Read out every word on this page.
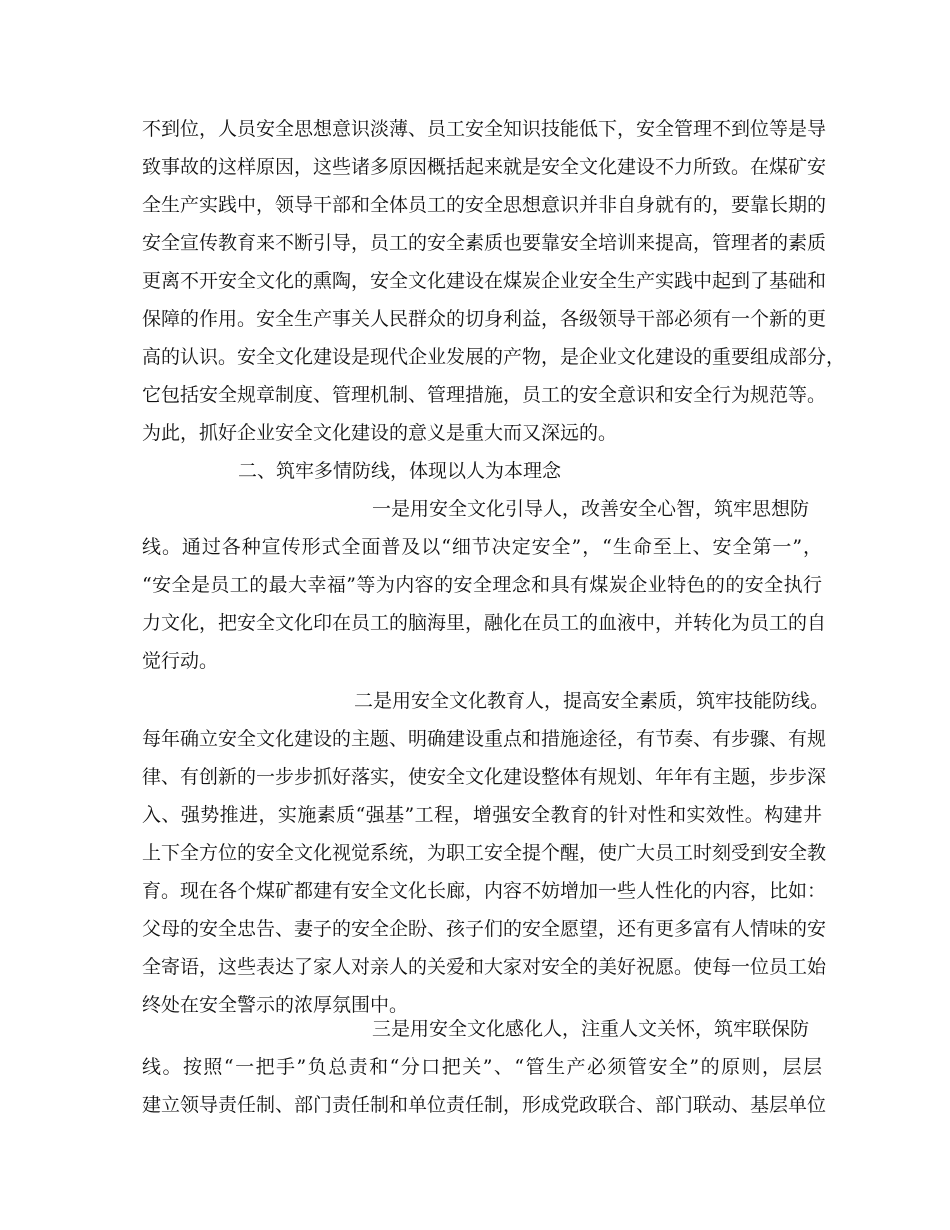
不到位，人员安全思想意识淡薄、员工安全知识技能低下，安全管理不到位等是导
致事故的这样原因，这些诸多原因概括起来就是安全文化建设不力所致。在煤矿安
全生产实践中，领导干部和全体员工的安全思想意识并非自身就有的，要靠长期的
安全宣传教育来不断引导，员工的安全素质也要靠安全培训来提高，管理者的素质
更离不开安全文化的熏陶，安全文化建设在煤炭企业安全生产实践中起到了基础和
保障的作用。安全生产事关人民群众的切身利益，各级领导干部必须有一个新的更
高的认识。安全文化建设是现代企业发展的产物，是企业文化建设的重要组成部分，
它包括安全规章制度、管理机制、管理措施，员工的安全意识和安全行为规范等。
为此，抓好企业安全文化建设的意义是重大而又深远的。
二、筑牢多情防线，体现以人为本理念
一是用安全文化引导人，改善安全心智，筑牢思想防
线。通过各种宣传形式全面普及以“细节决定安全”，“生命至上、安全第一”，
“安全是员工的最大幸福”等为内容的安全理念和具有煤炭企业特色的的安全执行
力文化，把安全文化印在员工的脑海里，融化在员工的血液中，并转化为员工的自
觉行动。
二是用安全文化教育人，提高安全素质，筑牢技能防线。
每年确立安全文化建设的主题、明确建设重点和措施途径，有节奏、有步骤、有规
律、有创新的一步步抓好落实，使安全文化建设整体有规划、年年有主题，步步深
入、强势推进，实施素质“强基”工程，增强安全教育的针对性和实效性。构建井
上下全方位的安全文化视觉系统，为职工安全提个醒，使广大员工时刻受到安全教
育。现在各个煤矿都建有安全文化长廊，内容不妨增加一些人性化的内容，比如：
父母的安全忠告、妻子的安全企盼、孩子们的安全愿望，还有更多富有人情味的安
全寄语，这些表达了家人对亲人的关爱和大家对安全的美好祝愿。使每一位员工始
终处在安全警示的浓厚氛围中。
三是用安全文化感化人，注重人文关怀，筑牢联保防
线。按照“一把手”负总责和“分口把关”、“管生产必须管安全”的原则，层层
建立领导责任制、部门责任制和单位责任制，形成党政联合、部门联动、基层单位
